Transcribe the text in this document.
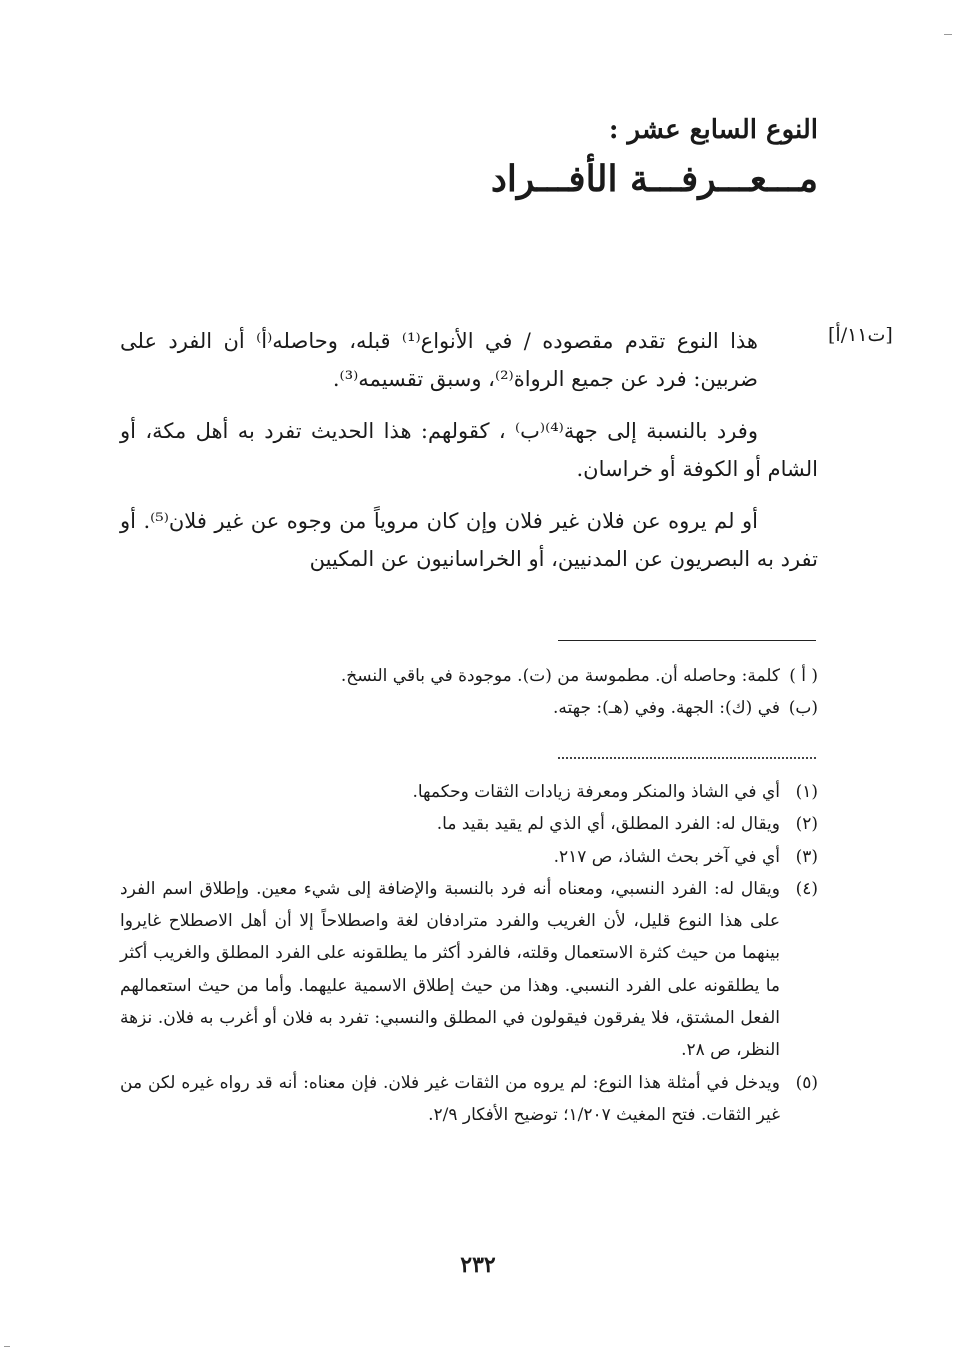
النوع السابع عشر :
مـــعـــرفـــة الأفـــراد
[ت١١/أ]

هذا النوع تقدم مقصوده / في الأنواع⁽¹⁾ قبله، وحاصله⁽أ⁾ أن الفرد على ضربين: فرد عن جميع الرواة⁽²⁾، وسبق تقسيمه⁽³⁾.

وفرد بالنسبة إلى جهة⁽⁴⁾⁽ب⁾ ، كقولهم: هذا الحديث تفرد به أهل مكة، أو الشام أو الكوفة أو خراسان.

أو لم يروه عن فلان غير فلان وإن كان مروياً من وجوه عن غير فلان⁽⁵⁾. أو تفرد به البصريون عن المدنيين، أو الخراسانيون عن المكيين

( أ )
كلمة: وحاصله أن. مطموسة من (ت). موجودة في باقي النسخ.
(ب)
في (ك): الجهة. وفي (هـ): جهته.
(١)
أي في الشاذ والمنكر ومعرفة زيادات الثقات وحكمها.
(٢)
ويقال له: الفرد المطلق، أي الذي لم يقيد بقيد ما.
(٣)
أي في آخر بحث الشاذ، ص ٢١٧.
(٤)
ويقال له: الفرد النسبي، ومعناه أنه فرد بالنسبة والإضافة إلى شيء معين. وإطلاق اسم الفرد على هذا النوع قليل، لأن الغريب والفرد مترادفان لغة واصطلاحاً إلا أن أهل الاصطلاح غايروا بينهما من حيث كثرة الاستعمال وقلته، فالفرد أكثر ما يطلقونه على الفرد المطلق والغريب أكثر ما يطلقونه على الفرد النسبي. وهذا من حيث إطلاق الاسمية عليهما. وأما من حيث استعمالهم الفعل المشتق، فلا يفرقون فيقولون في المطلق والنسبي: تفرد به فلان أو أغرب به فلان. نزهة النظر، ص ٢٨.
(٥)
ويدخل في أمثلة هذا النوع: لم يروه من الثقات غير فلان. فإن معناه: أنه قد رواه غيره لكن من غير الثقات. فتح المغيث ١/٢٠٧؛ توضيح الأفكار ٢/٩.
٢٣٢
